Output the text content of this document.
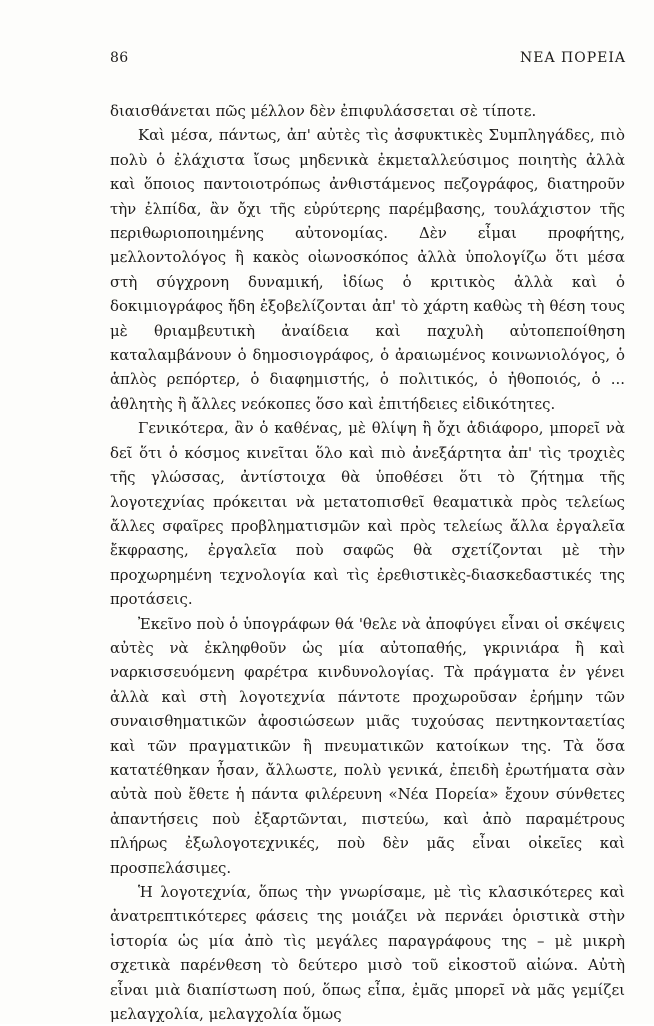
86	ΝΕΑ ΠΟΡΕΙΑ

διαισθάνεται πῶς μέλλον δὲν ἐπιφυλάσσεται σὲ τίποτε.

Καὶ μέσα, πάντως, ἀπ' αὐτὲς τὶς ἀσφυκτικὲς Συμπληγάδες, πιὸ πολὺ ὁ ἐλάχιστα ἴσως μηδενικὰ ἐκμεταλλεύσιμος ποιητὴς ἀλλὰ καὶ ὅποιος παντοιοτρόπως ἀνθιστάμενος πεζογράφος, διατηροῦν τὴν ἐλπίδα, ἂν ὄχι τῆς εὐρύτερης παρέμβασης, τουλάχιστον τῆς περιθωριοποιημένης αὐτονομίας. Δὲν εἶμαι προφήτης, μελλοντολόγος ἢ κακὸς οἰωνοσκόπος ἀλλὰ ὑπολογίζω ὅτι μέσα στὴ σύγχρονη δυναμική, ἰδίως ὁ κριτικὸς ἀλλὰ καὶ ὁ δοκιμιογράφος ἤδη ἐξοβελίζονται ἀπ' τὸ χάρτη καθὼς τὴ θέση τους μὲ θριαμβευτικὴ ἀναίδεια καὶ παχυλὴ αὐτοπεποίθηση καταλαμβάνουν ὁ δημοσιογράφος, ὁ ἀραιωμένος κοινωνιολόγος, ὁ ἁπλὸς ρεπόρτερ, ὁ διαφημιστής, ὁ πολιτικός, ὁ ἠθοποιός, ὁ ... ἀθλητὴς ἢ ἄλλες νεόκοπες ὅσο καὶ ἐπιτήδειες εἰδικότητες.

Γενικότερα, ἂν ὁ καθένας, μὲ θλίψη ἢ ὄχι ἀδιάφορο, μπορεῖ νὰ δεῖ ὅτι ὁ κόσμος κινεῖται ὅλο καὶ πιὸ ἀνεξάρτητα ἀπ' τὶς τροχιὲς τῆς γλώσσας, ἀντίστοιχα θὰ ὑποθέσει ὅτι τὸ ζήτημα τῆς λογοτεχνίας πρόκειται νὰ μετατοπισθεῖ θεαματικὰ πρὸς τελείως ἄλλες σφαῖρες προβληματισμῶν καὶ πρὸς τελείως ἄλλα ἐργαλεῖα ἔκφρασης, ἐργαλεῖα ποὺ σαφῶς θὰ σχετίζονται μὲ τὴν προχωρημένη τεχνολογία καὶ τὶς ἐρεθιστικὲς-διασκεδαστικές της προτάσεις.

Ἐκεῖνο ποὺ ὁ ὑπογράφων θά 'θελε νὰ ἀποφύγει εἶναι οἱ σκέψεις αὐτὲς νὰ ἐκληφθοῦν ὡς μία αὐτοπαθής, γκρινιάρα ἢ καὶ ναρκισσευόμενη φαρέτρα κινδυνολογίας. Τὰ πράγματα ἐν γένει ἀλλὰ καὶ στὴ λογοτεχνία πάντοτε προχωροῦσαν ἐρήμην τῶν συναισθηματικῶν ἀφοσιώσεων μιᾶς τυχούσας πεντηκονταετίας καὶ τῶν πραγματικῶν ἢ πνευματικῶν κατοίκων της. Τὰ ὅσα κατατέθηκαν ἦσαν, ἄλλωστε, πολὺ γενικά, ἐπειδὴ ἐρωτήματα σὰν αὐτὰ ποὺ ἔθετε ἡ πάντα φιλέρευνη «Νέα Πορεία» ἔχουν σύνθετες ἀπαντήσεις ποὺ ἐξαρτῶνται, πιστεύω, καὶ ἀπὸ παραμέτρους πλήρως ἐξωλογοτεχνικές, ποὺ δὲν μᾶς εἶναι οἰκεῖες καὶ προσπελάσιμες.

Ἡ λογοτεχνία, ὅπως τὴν γνωρίσαμε, μὲ τὶς κλασικότερες καὶ ἀνατρεπτικότερες φάσεις της μοιάζει νὰ περνάει ὁριστικὰ στὴν ἱστορία ὡς μία ἀπὸ τὶς μεγάλες παραγράφους της – μὲ μικρὴ σχετικὰ παρένθεση τὸ δεύτερο μισὸ τοῦ εἰκοστοῦ αἰώνα. Αὐτὴ εἶναι μιὰ διαπίστωση πού, ὅπως εἶπα, ἐμᾶς μπορεῖ νὰ μᾶς γεμίζει μελαγχολία, μελαγχολία ὅμως
